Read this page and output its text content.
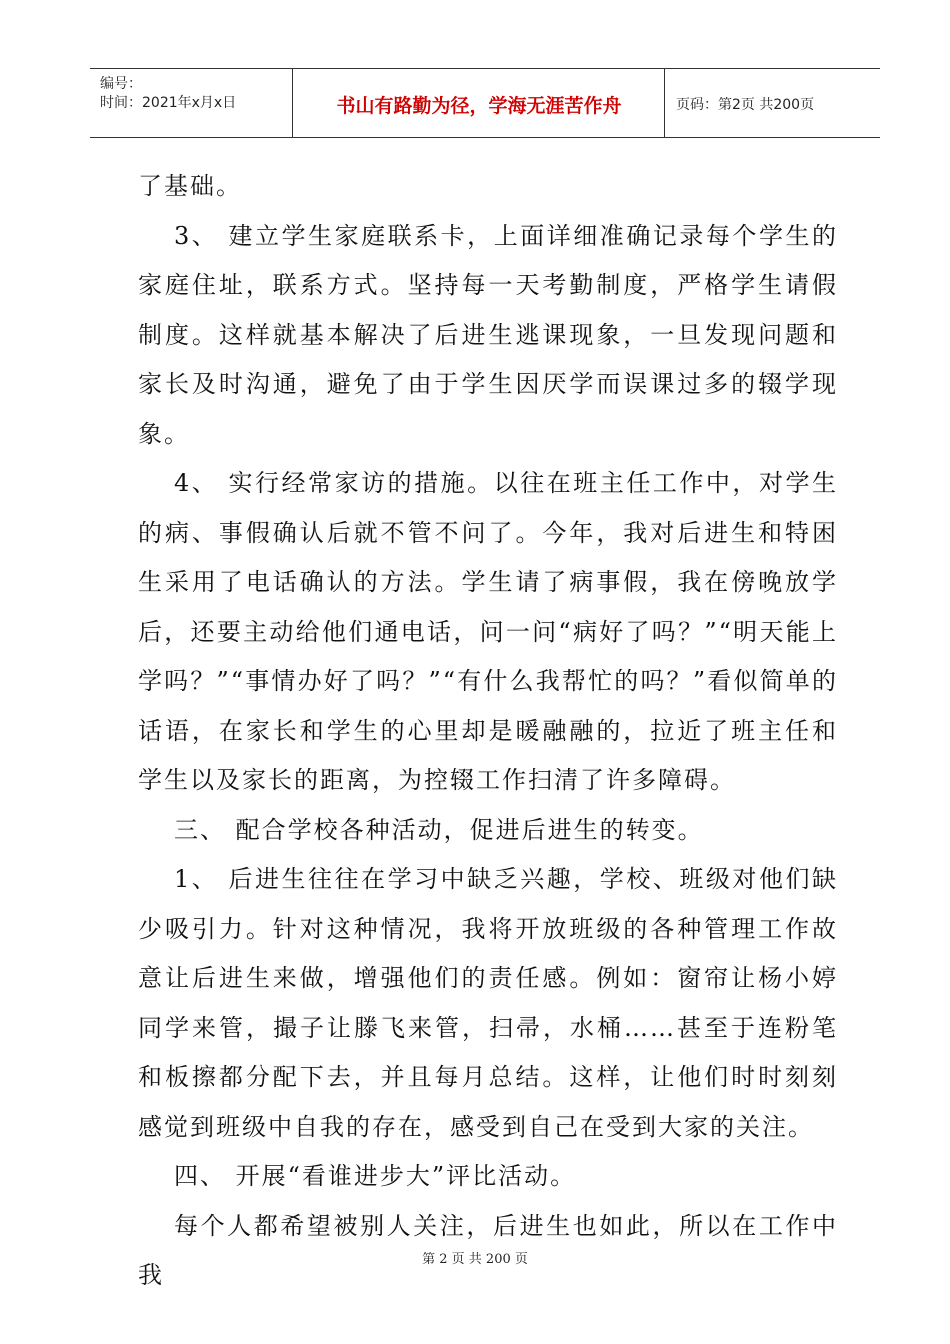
编号：
时间：2021年x月x日	书山有路勤为径，学海无涯苦作舟	页码：第2页 共200页

了基础。

3、 建立学生家庭联系卡，上面详细准确记录每个学生的家庭住址，联系方式。坚持每一天考勤制度，严格学生请假制度。这样就基本解决了后进生逃课现象，一旦发现问题和家长及时沟通，避免了由于学生因厌学而误课过多的辍学现象。

4、 实行经常家访的措施。以往在班主任工作中，对学生的病、事假确认后就不管不问了。今年，我对后进生和特困生采用了电话确认的方法。学生请了病事假，我在傍晚放学后，还要主动给他们通电话，问一问“病好了吗？”“明天能上学吗？”“事情办好了吗？”“有什么我帮忙的吗？”看似简单的话语，在家长和学生的心里却是暖融融的，拉近了班主任和学生以及家长的距离，为控辍工作扫清了许多障碍。

三、 配合学校各种活动，促进后进生的转变。

1、 后进生往往在学习中缺乏兴趣，学校、班级对他们缺少吸引力。针对这种情况，我将开放班级的各种管理工作故意让后进生来做，增强他们的责任感。例如：窗帘让杨小婷同学来管，撮子让滕飞来管，扫帚，水桶……甚至于连粉笔和板擦都分配下去，并且每月总结。这样，让他们时时刻刻感觉到班级中自我的存在，感受到自己在受到大家的关注。

四、 开展“看谁进步大”评比活动。

每个人都希望被别人关注，后进生也如此，所以在工作中我

第 2 页 共 200 页
